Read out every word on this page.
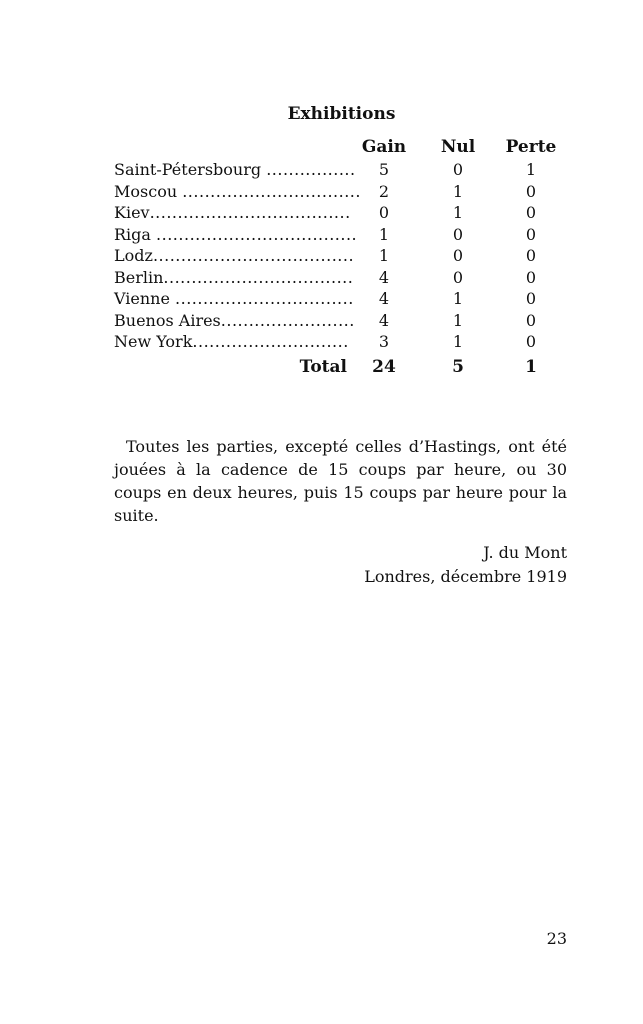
Exhibitions
Gain	Nul	Perte
Saint-Pétersbourg ................	5	0	1
Moscou ................................	2	1	0
Kiev....................................	0	1	0
Riga ....................................	1	0	0
Lodz....................................	1	0	0
Berlin..................................	4	0	0
Vienne ................................	4	1	0
Buenos Aires........................	4	1	0
New York............................	3	1	0
Total	24	5	1

Toutes les parties, excepté celles d’Hastings, ont été jouées à la cadence de 15 coups par heure, ou 30 coups en deux heures, puis 15 coups par heure pour la suite.

J. du Mont
Londres, décembre 1919
23
